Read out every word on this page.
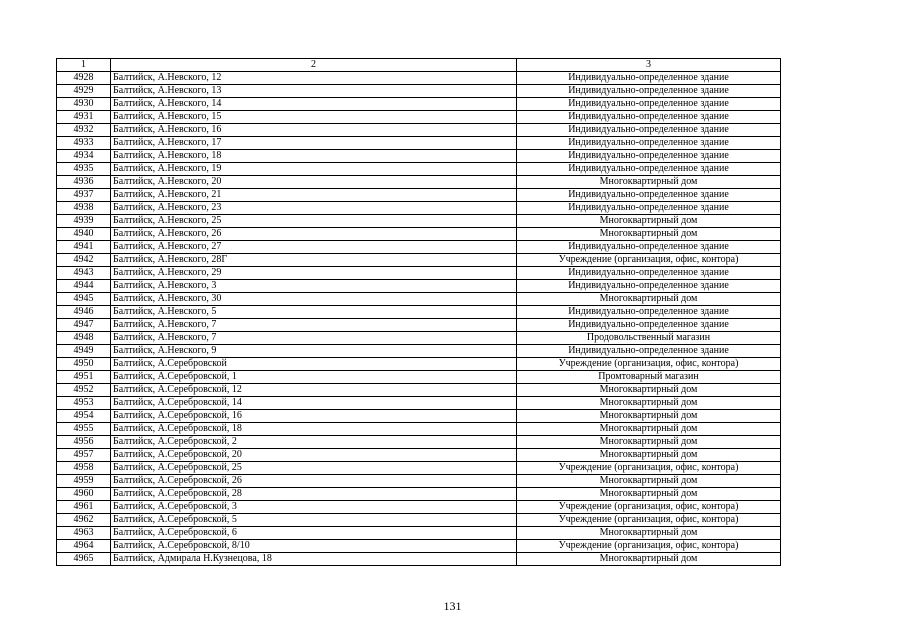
1	2	3
4928	Балтийск, А.Невского, 12	Индивидуально-определенное здание
4929	Балтийск, А.Невского, 13	Индивидуально-определенное здание
4930	Балтийск, А.Невского, 14	Индивидуально-определенное здание
4931	Балтийск, А.Невского, 15	Индивидуально-определенное здание
4932	Балтийск, А.Невского, 16	Индивидуально-определенное здание
4933	Балтийск, А.Невского, 17	Индивидуально-определенное здание
4934	Балтийск, А.Невского, 18	Индивидуально-определенное здание
4935	Балтийск, А.Невского, 19	Индивидуально-определенное здание
4936	Балтийск, А.Невского, 20	Многоквартирный дом
4937	Балтийск, А.Невского, 21	Индивидуально-определенное здание
4938	Балтийск, А.Невского, 23	Индивидуально-определенное здание
4939	Балтийск, А.Невского, 25	Многоквартирный дом
4940	Балтийск, А.Невского, 26	Многоквартирный дом
4941	Балтийск, А.Невского, 27	Индивидуально-определенное здание
4942	Балтийск, А.Невского, 28Г	Учреждение (организация, офис, контора)
4943	Балтийск, А.Невского, 29	Индивидуально-определенное здание
4944	Балтийск, А.Невского, 3	Индивидуально-определенное здание
4945	Балтийск, А.Невского, 30	Многоквартирный дом
4946	Балтийск, А.Невского, 5	Индивидуально-определенное здание
4947	Балтийск, А.Невского, 7	Индивидуально-определенное здание
4948	Балтийск, А.Невского, 7	Продовольственный магазин
4949	Балтийск, А.Невского, 9	Индивидуально-определенное здание
4950	Балтийск, А.Серебровской	Учреждение (организация, офис, контора)
4951	Балтийск, А.Серебровской, 1	Промтоварный магазин
4952	Балтийск, А.Серебровской, 12	Многоквартирный дом
4953	Балтийск, А.Серебровской, 14	Многоквартирный дом
4954	Балтийск, А.Серебровской, 16	Многоквартирный дом
4955	Балтийск, А.Серебровской, 18	Многоквартирный дом
4956	Балтийск, А.Серебровской, 2	Многоквартирный дом
4957	Балтийск, А.Серебровской, 20	Многоквартирный дом
4958	Балтийск, А.Серебровской, 25	Учреждение (организация, офис, контора)
4959	Балтийск, А.Серебровской, 26	Многоквартирный дом
4960	Балтийск, А.Серебровской, 28	Многоквартирный дом
4961	Балтийск, А.Серебровской, 3	Учреждение (организация, офис, контора)
4962	Балтийск, А.Серебровской, 5	Учреждение (организация, офис, контора)
4963	Балтийск, А.Серебровской, 6	Многоквартирный дом
4964	Балтийск, А.Серебровской, 8/10	Учреждение (организация, офис, контора)
4965	Балтийск, Адмирала Н.Кузнецова, 18	Многоквартирный дом
131
